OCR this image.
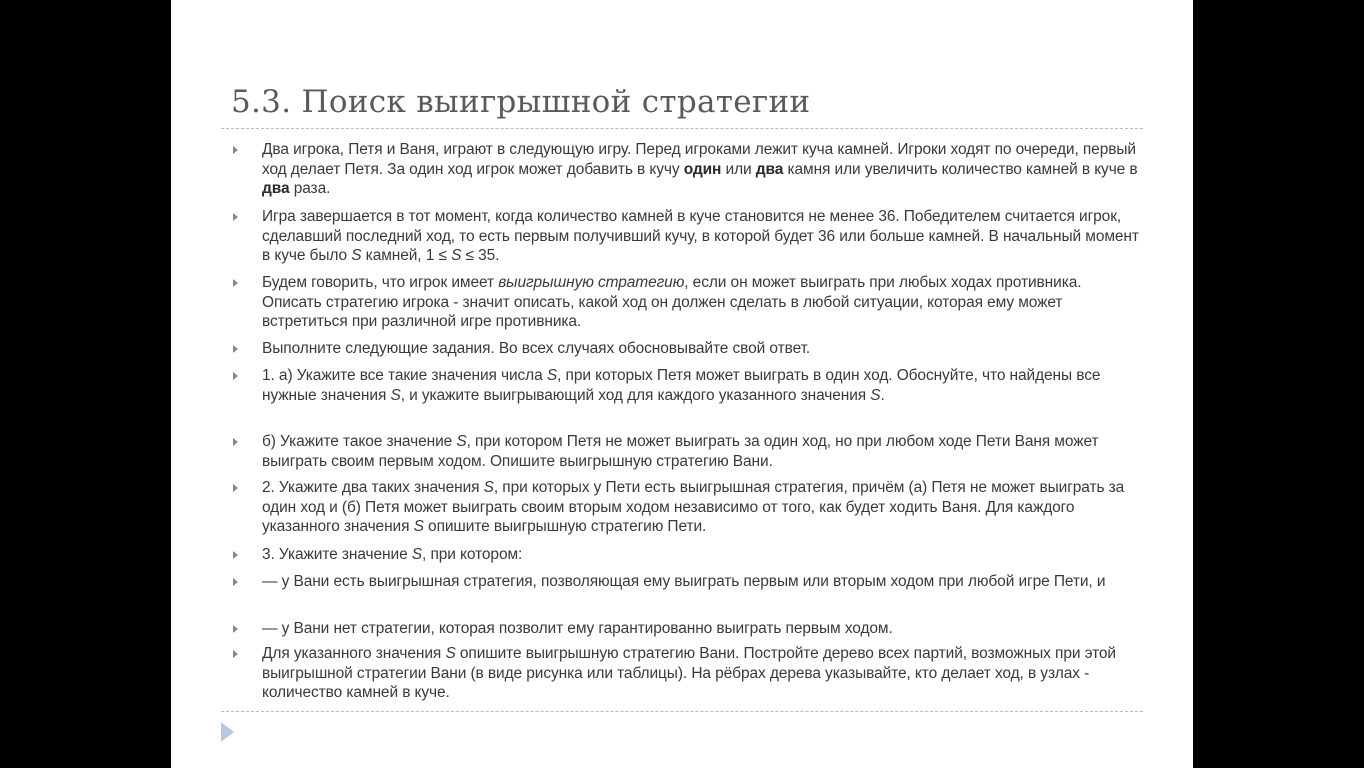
5.3. Поиск выигрышной стратегии
Два игрока, Петя и Ваня, играют в следующую игру. Перед игроками лежит куча камней. Игроки ходят по очереди, первый ход делает Петя. За один ход игрок может добавить в кучу один или два камня или увеличить количество камней в куче в два раза.
Игра завершается в тот момент, когда количество камней в куче становится не менее 36. Победителем считается игрок, сделавший последний ход, то есть первым получивший кучу, в которой будет 36 или больше камней. В начальный момент в куче было S камней, 1 ≤ S ≤ 35.
Будем говорить, что игрок имеет выигрышную стратегию, если он может выиграть при любых ходах противника. Описать стратегию игрока - значит описать, какой ход он должен сделать в любой ситуации, которая ему может встретиться при различной игре противника.
Выполните следующие задания. Во всех случаях обосновывайте свой ответ.
1. а) Укажите все такие значения числа S, при которых Петя может выиграть в один ход. Обоснуйте, что найдены все нужные значения S, и укажите выигрывающий ход для каждого указанного значения S.
б) Укажите такое значение S, при котором Петя не может выиграть за один ход, но при любом ходе Пети Ваня может выиграть своим первым ходом. Опишите выигрышную стратегию Вани.
2. Укажите два таких значения S, при которых у Пети есть выигрышная стратегия, причём (а) Петя не может выиграть за один ход и (б) Петя может выиграть своим вторым ходом независимо от того, как будет ходить Ваня. Для каждого указанного значения S опишите выигрышную стратегию Пети.
3. Укажите значение S, при котором:
— у Вани есть выигрышная стратегия, позволяющая ему выиграть первым или вторым ходом при любой игре Пети, и
— у Вани нет стратегии, которая позволит ему гарантированно выиграть первым ходом.
Для указанного значения S опишите выигрышную стратегию Вани. Постройте дерево всех партий, возможных при этой выигрышной стратегии Вани (в виде рисунка или таблицы). На рёбрах дерева указывайте, кто делает ход, в узлах - количество камней в куче.
